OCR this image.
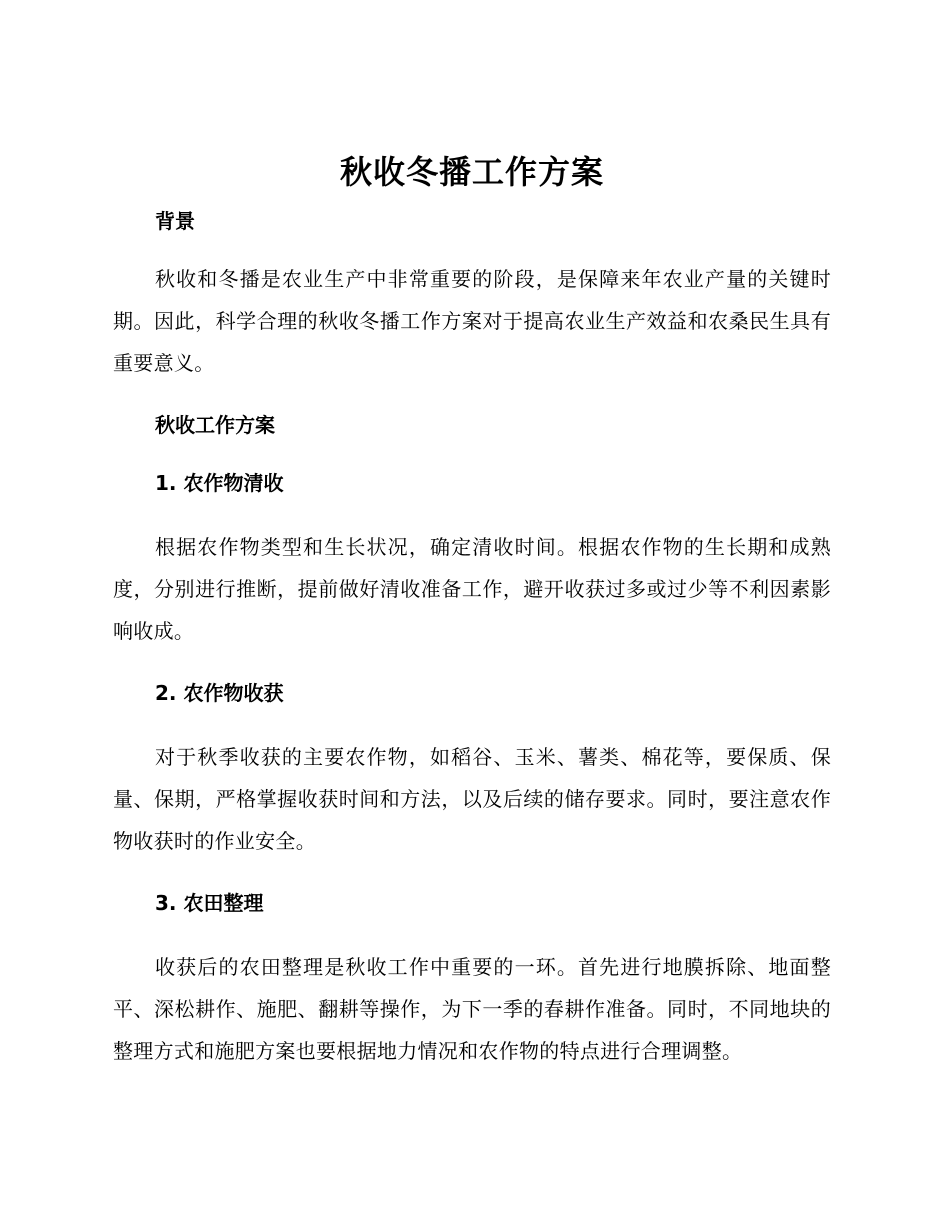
秋收冬播工作方案
背景

秋收和冬播是农业生产中非常重要的阶段，是保障来年农业产量的关键时期。因此，科学合理的秋收冬播工作方案对于提高农业生产效益和农桑民生具有重要意义。

秋收工作方案
1. 农作物清收

根据农作物类型和生长状况，确定清收时间。根据农作物的生长期和成熟度，分别进行推断，提前做好清收准备工作，避开收获过多或过少等不利因素影响收成。

2. 农作物收获

对于秋季收获的主要农作物，如稻谷、玉米、薯类、棉花等，要保质、保量、保期，严格掌握收获时间和方法，以及后续的储存要求。同时，要注意农作物收获时的作业安全。

3. 农田整理

收获后的农田整理是秋收工作中重要的一环。首先进行地膜拆除、地面整平、深松耕作、施肥、翻耕等操作，为下一季的春耕作准备。同时，不同地块的整理方式和施肥方案也要根据地力情况和农作物的特点进行合理调整。
